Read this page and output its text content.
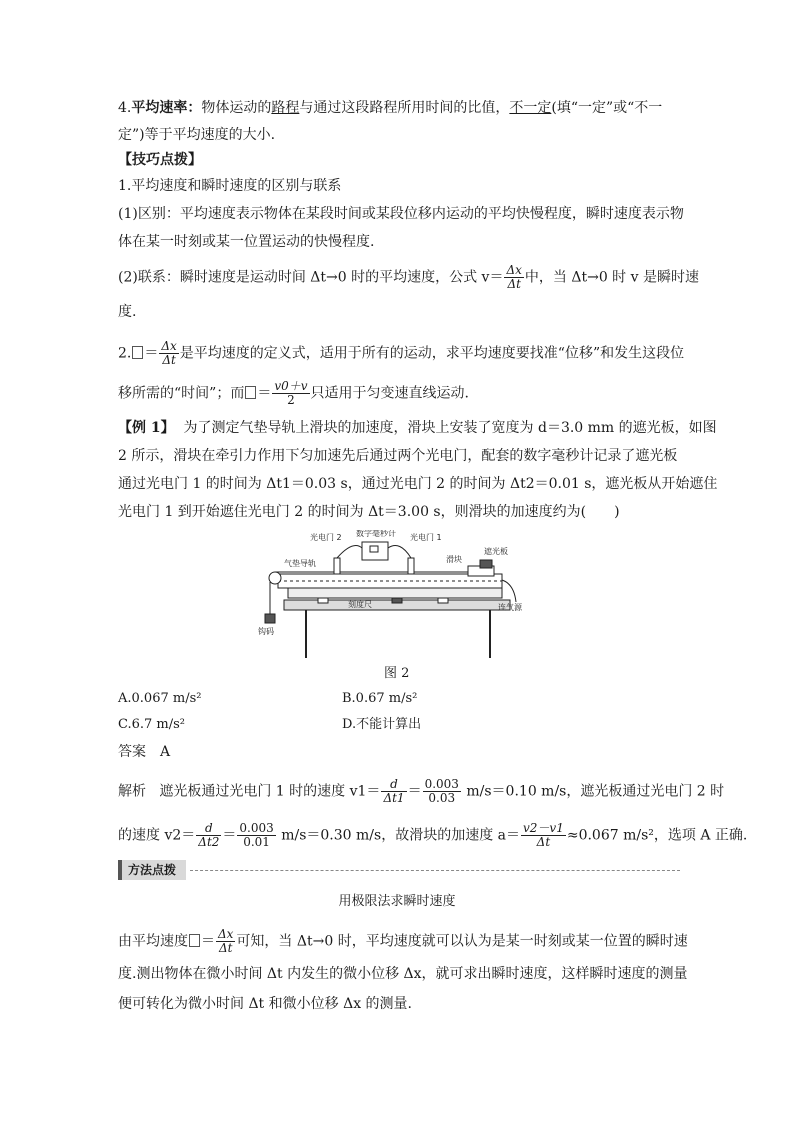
4.平均速率：物体运动的路程与通过这段路程所用时间的比值，不一定(填“一定”或“不一
定”)等于平均速度的大小.
【技巧点拨】
1.平均速度和瞬时速度的区别与联系
(1)区别：平均速度表示物体在某段时间或某段位移内运动的平均快慢程度，瞬时速度表示物
体在某一时刻或某一位置运动的快慢程度.
(2)联系：瞬时速度是运动时间 Δt→0 时的平均速度，公式 $v= \frac{\Delta x}{\Delta t}$ 中，当 Δt→0 时 v 是瞬时速
度.
2. ＝ $\frac{\Delta x}{\Delta t}$ 是平均速度的定义式，适用于所有的运动，求平均速度要找准“位移”和发生这段位
移所需的“时间”；而 ＝ $\frac{v0+v}{2}$ 只适用于匀变速直线运动.
【例 1】 为了测定气垫导轨上滑块的加速度，滑块上安装了宽度为 d＝3.0 mm 的遮光板，如图
2 所示，滑块在牵引力作用下匀加速先后通过两个光电门，配套的数字毫秒计记录了遮光板
通过光电门 1 的时间为 Δt1＝0.03 s，通过光电门 2 的时间为 Δt2＝0.01 s，遮光板从开始遮住
光电门 1 到开始遮住光电门 2 的时间为 Δt＝3.00 s，则滑块的加速度约为(　　)
光电门 2 数字毫秒计 光电门 1
气垫导轨	滑块
遮光板
刻度尺	连气源
钩码
图 2
A.0.067 m/s²	B.0.67 m/s²
C.6.7 m/s²	D.不能计算出
答案　A
解析 遮光板通过光电门 1 时的速度 $v1= \frac{d}{\Delta t1} = \frac{0.003}{0.03} m/s=0.10$ m/s，遮光板通过光电门 2 时
的速度 $v2= \frac{d}{\Delta t2} = \frac{0.003}{0.01} m/s=0.30$ m/s，故滑块的加速度 $a= \frac{v2-v1}{\Delta t} \approx 0.067$ m/s²，选项 A 正确.
方法点拨
用极限法求瞬时速度
由平均速度 ＝ $\frac{\Delta x}{\Delta t}$ 可知，当 Δt→0 时，平均速度就可以认为是某一时刻或某一位置的瞬时速
度.测出物体在微小时间 Δt 内发生的微小位移 Δx，就可求出瞬时速度，这样瞬时速度的测量
便可转化为微小时间 Δt 和微小位移 Δx 的测量.
